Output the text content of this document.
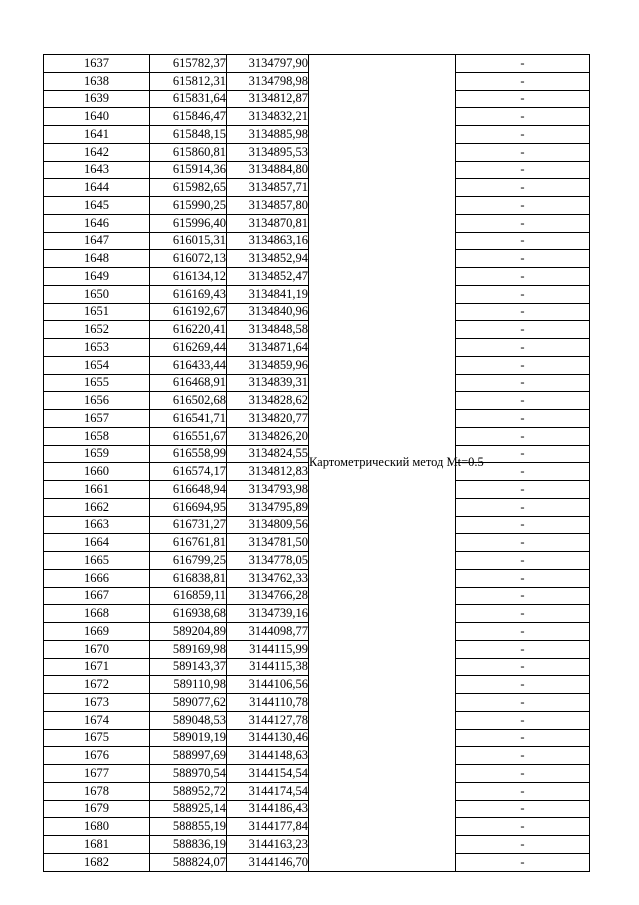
1637	615782,37	3134797,90	Картометрический метод Mt=0.5		-
1638	615812,31	3134798,98		-
1639	615831,64	3134812,87		-
1640	615846,47	3134832,21		-
1641	615848,15	3134885,98		-
1642	615860,81	3134895,53		-
1643	615914,36	3134884,80		-
1644	615982,65	3134857,71		-
1645	615990,25	3134857,80		-
1646	615996,40	3134870,81		-
1647	616015,31	3134863,16		-
1648	616072,13	3134852,94		-
1649	616134,12	3134852,47		-
1650	616169,43	3134841,19		-
1651	616192,67	3134840,96		-
1652	616220,41	3134848,58		-
1653	616269,44	3134871,64		-
1654	616433,44	3134859,96		-
1655	616468,91	3134839,31		-
1656	616502,68	3134828,62		-
1657	616541,71	3134820,77		-
1658	616551,67	3134826,20		-
1659	616558,99	3134824,55		-
1660	616574,17	3134812,83		-
1661	616648,94	3134793,98		-
1662	616694,95	3134795,89		-
1663	616731,27	3134809,56		-
1664	616761,81	3134781,50		-
1665	616799,25	3134778,05		-
1666	616838,81	3134762,33		-
1667	616859,11	3134766,28		-
1668	616938,68	3134739,16		-
1669	589204,89	3144098,77		-
1670	589169,98	3144115,99		-
1671	589143,37	3144115,38		-
1672	589110,98	3144106,56		-
1673	589077,62	3144110,78		-
1674	589048,53	3144127,78		-
1675	589019,19	3144130,46		-
1676	588997,69	3144148,63		-
1677	588970,54	3144154,54		-
1678	588952,72	3144174,54		-
1679	588925,14	3144186,43		-
1680	588855,19	3144177,84		-
1681	588836,19	3144163,23		-
1682	588824,07	3144146,70		-
